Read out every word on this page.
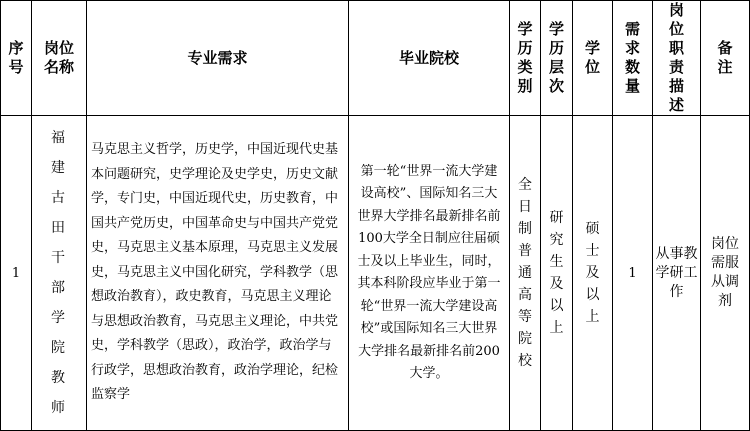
序号	岗位名称	专业需求	毕业院校	学历类别	学历层次	学位	需求数量	岗位职责描述	备注
1	福建古田干部学院教师	马克思主义哲学，历史学，中国近现代史基本问题研究，史学理论及史学史，历史文献学，专门史，中国近现代史，历史教育，中国共产党历史，中国革命史与中国共产党党史，马克思主义基本原理，马克思主义发展史，马克思主义中国化研究，学科教学（思想政治教育），政史教育，马克思主义理论与思想政治教育，马克思主义理论，中共党史，学科教学（思政），政治学，政治学与行政学，思想政治教育，政治学理论，纪检监察学	第一轮“世界一流大学建设高校”、国际知名三大世界大学排名最新排名前100大学全日制应往届硕士及以上毕业生，同时，其本科阶段应毕业于第一轮“世界一流大学建设高校”或国际知名三大世界大学排名最新排名前200大学。	全日制普通高等院校	研究生及以上	硕士及以上	1	从事教学研工作	岗位需服从调剂
